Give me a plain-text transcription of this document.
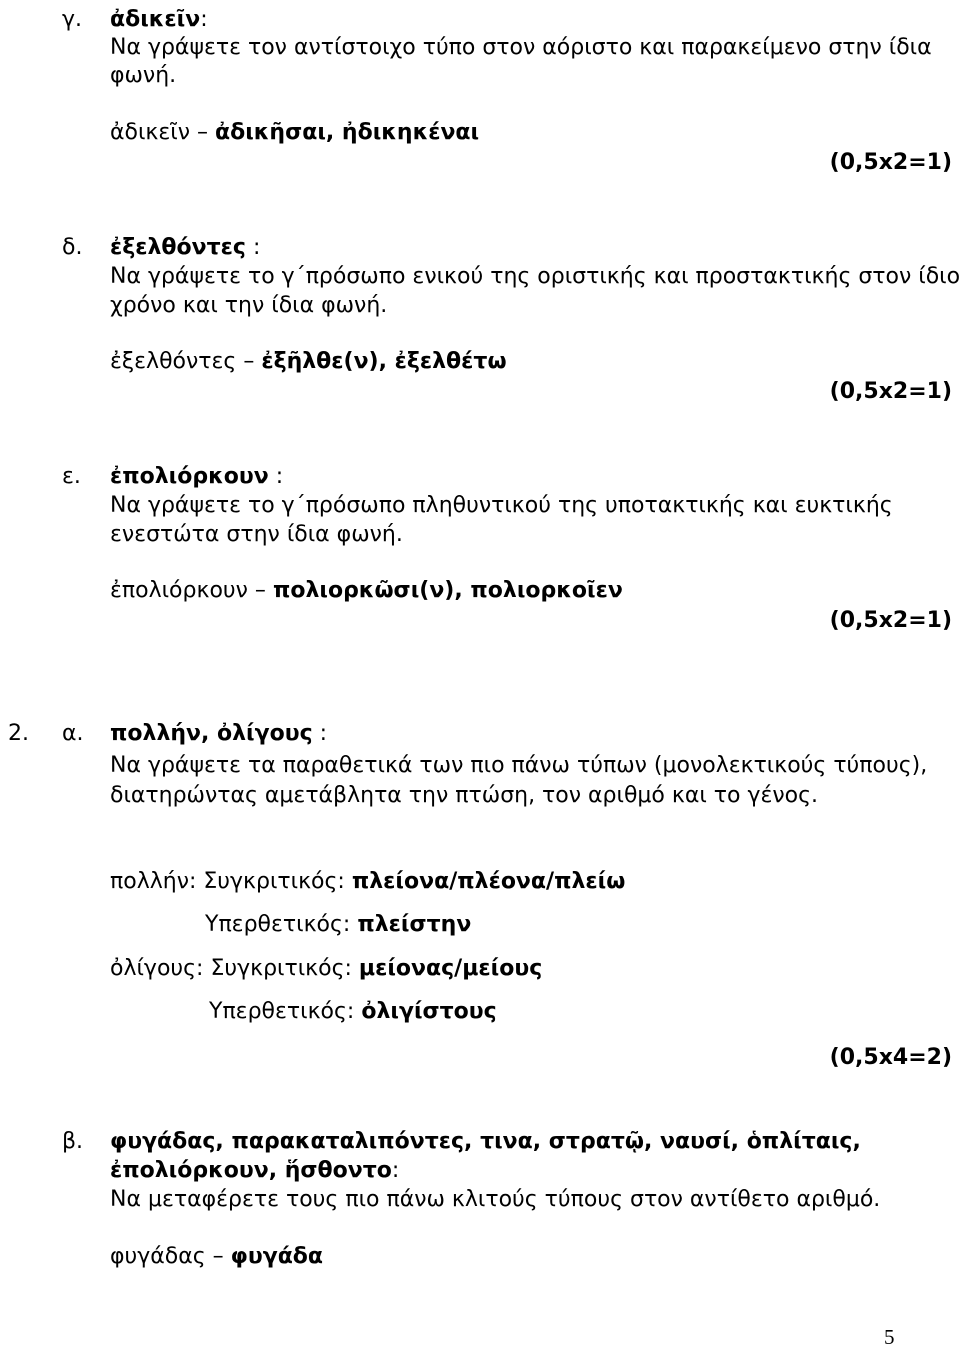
γ. ἀδικεῖν:
Να γράψετε τον αντίστοιχο τύπο στον αόριστο και παρακείμενο στην ίδια
φωνή.
ἀδικεῖν – ἀδικῆσαι, ἠδικηκέναι
(0,5x2=1)
δ. ἐξελθόντες :
Να γράψετε το γ΄πρόσωπο ενικού της οριστικής και προστακτικής στον ίδιο
χρόνο και την ίδια φωνή.
ἐξελθόντες – ἐξῆλθε(ν), ἐξελθέτω
(0,5x2=1)
ε. ἐπολιόρκουν :
Να γράψετε το γ΄πρόσωπο πληθυντικού της υποτακτικής και ευκτικής
ενεστώτα στην ίδια φωνή.
ἐπολιόρκουν – πολιορκῶσι(ν), πολιορκοῖεν
(0,5x2=1)
2. α. πολλήν, ὀλίγους :
Να γράψετε τα παραθετικά των πιο πάνω τύπων (μονολεκτικούς τύπους),
διατηρώντας αμετάβλητα την πτώση, τον αριθμό και το γένος.
πολλήν: Συγκριτικός: πλείονα/πλέονα/πλείω
Υπερθετικός: πλείστην
ὀλίγους: Συγκριτικός: μείονας/μείους
Υπερθετικός: ὀλιγίστους
(0,5x4=2)
β. φυγάδας, παρακαταλιπόντες, τινα, στρατῷ, ναυσί, ὁπλίταις,
ἐπολιόρκουν, ἥσθοντο:
Να μεταφέρετε τους πιο πάνω κλιτούς τύπους στον αντίθετο αριθμό.
φυγάδας – φυγάδα
5
